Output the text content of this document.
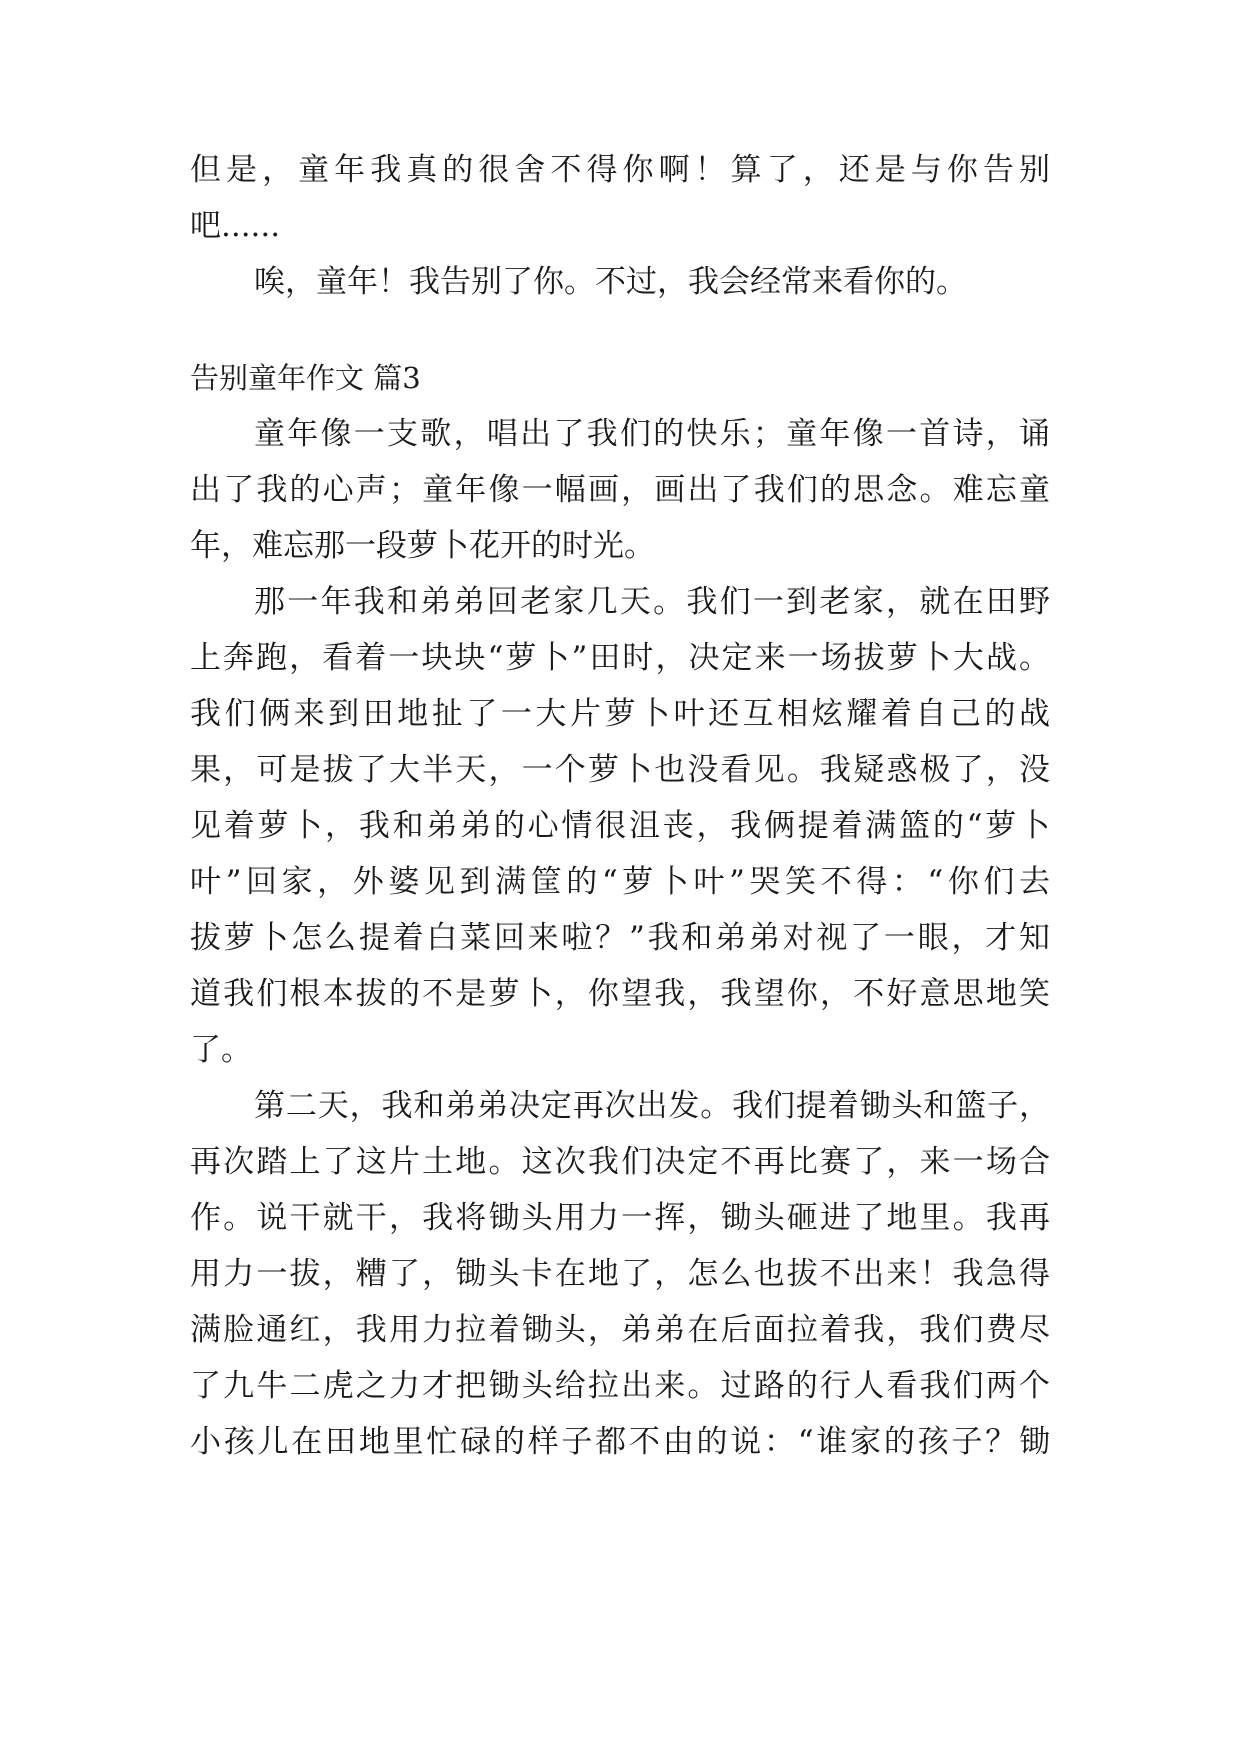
但是，童年我真的很舍不得你啊！算了，还是与你告别
吧......
唉，童年！我告别了你。不过，我会经常来看你的。
告别童年作文 篇3
童年像一支歌，唱出了我们的快乐；童年像一首诗，诵
出了我的心声；童年像一幅画，画出了我们的思念。难忘童
年，难忘那一段萝卜花开的时光。
那一年我和弟弟回老家几天。我们一到老家，就在田野
上奔跑，看着一块块“萝卜”田时，决定来一场拔萝卜大战。
我们俩来到田地扯了一大片萝卜叶还互相炫耀着自己的战
果，可是拔了大半天，一个萝卜也没看见。我疑惑极了，没
见着萝卜，我和弟弟的心情很沮丧，我俩提着满篮的“萝卜
叶”回家，外婆见到满筐的“萝卜叶”哭笑不得：“你们去
拔萝卜怎么提着白菜回来啦？”我和弟弟对视了一眼，才知
道我们根本拔的不是萝卜，你望我，我望你，不好意思地笑
了。
第二天，我和弟弟决定再次出发。我们提着锄头和篮子，
再次踏上了这片土地。这次我们决定不再比赛了，来一场合
作。说干就干，我将锄头用力一挥，锄头砸进了地里。我再
用力一拔，糟了，锄头卡在地了，怎么也拔不出来！我急得
满脸通红，我用力拉着锄头，弟弟在后面拉着我，我们费尽
了九牛二虎之力才把锄头给拉出来。过路的行人看我们两个
小孩儿在田地里忙碌的样子都不由的说：“谁家的孩子？锄
